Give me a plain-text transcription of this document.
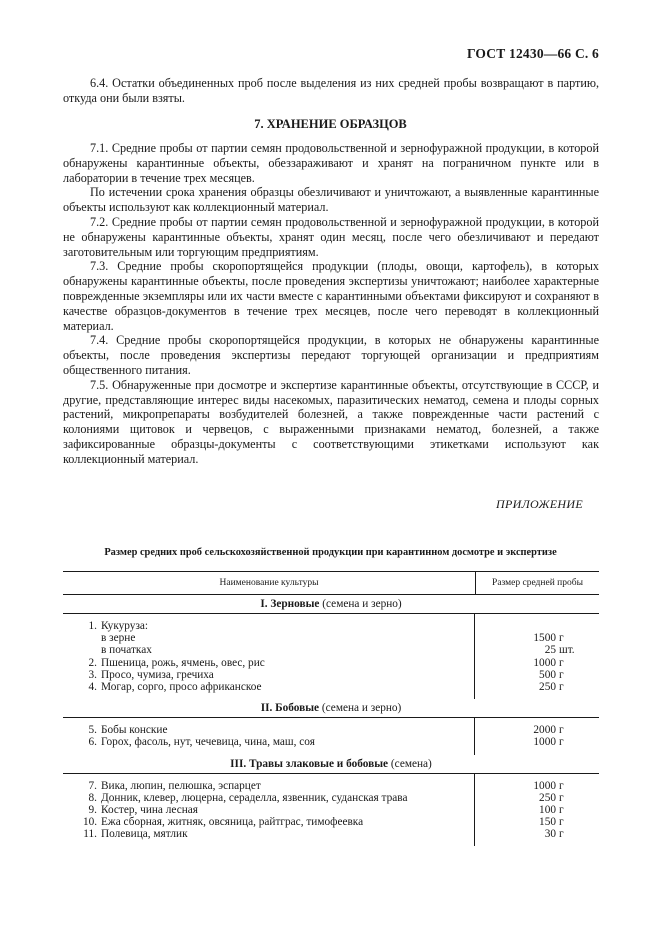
ГОСТ 12430—66 С. 6

6.4. Остатки объединенных проб после выделения из них средней пробы возвращают в партию, откуда они были взяты.

7. ХРАНЕНИЕ ОБРАЗЦОВ

7.1. Средние пробы от партии семян продовольственной и зернофуражной продукции, в которой обнаружены карантинные объекты, обеззараживают и хранят на пограничном пункте или в лаборатории в течение трех месяцев.

По истечении срока хранения образцы обезличивают и уничтожают, а выявленные карантинные объекты используют как коллекционный материал.

7.2. Средние пробы от партии семян продовольственной и зернофуражной продукции, в которой не обнаружены карантинные объекты, хранят один месяц, после чего обезличивают и передают заготовительным или торгующим предприятиям.

7.3. Средние пробы скоропортящейся продукции (плоды, овощи, картофель), в которых обнаружены карантинные объекты, после проведения экспертизы уничтожают; наиболее характерные поврежденные экземпляры или их части вместе с карантинными объектами фиксируют и сохраняют в качестве образцов-документов в течение трех месяцев, после чего переводят в коллекционный материал.

7.4. Средние пробы скоропортящейся продукции, в которых не обнаружены карантинные объекты, после проведения экспертизы передают торгующей организации и предприятиям общественного питания.

7.5. Обнаруженные при досмотре и экспертизе карантинные объекты, отсутствующие в СССР, и другие, представляющие интерес виды насекомых, паразитических нематод, семена и плоды сорных растений, микропрепараты возбудителей болезней, а также поврежденные части растений с колониями щитовок и червецов, с выраженными признаками нематод, болезней, а также зафиксированные образцы-документы с соответствующими этикетками используют как коллекционный материал.

ПРИЛОЖЕНИЕ
Размер средних проб сельскохозяйственной продукции при карантинном досмотре и экспертизе
Наименование культуры	Размер средней пробы
I. Зерновые (семена и зерно)
1. Кукуруза:
в зерне	1500 г
в початках	25 шт.
2. Пшеница, рожь, ячмень, овес, рис	1000 г
3. Просо, чумиза, гречиха	500 г
4. Могар, сорго, просо африканское	250 г
II. Бобовые (семена и зерно)
5. Бобы конские	2000 г
6. Горох, фасоль, нут, чечевица, чина, маш, соя	1000 г
III. Травы злаковые и бобовые (семена)
7. Вика, люпин, пелюшка, эспарцет	1000 г
8. Донник, клевер, люцерна, сераделла, язвенник, суданская трава	250 г
9. Костер, чина лесная	100 г
10. Ежа сборная, житняк, овсяница, райтграс, тимофеевка	150 г
11. Полевица, мятлик	30 г
